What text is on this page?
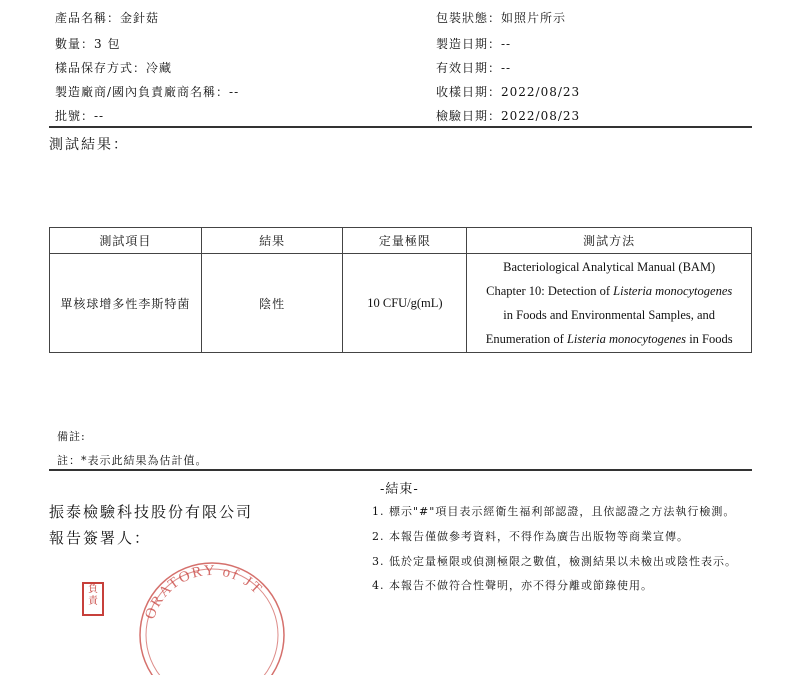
產品名稱：金針菇
數量：3 包
樣品保存方式：冷藏
製造廠商/國內負責廠商名稱：--
批號：--
包裝狀態：如照片所示
製造日期：--
有效日期：--
收樣日期：2022/08/23
檢驗日期：2022/08/23
測試結果：
測試項目	結果	定量極限	測試方法
單核球增多性李斯特菌	陰性	10 CFU/g(mL)	Bacteriological Analytical Manual (BAM)
Chapter 10: Detection of Listeria monocytogenes
in Foods and Environmental Samples, and
Enumeration of Listeria monocytogenes in Foods
備註:
註：*表示此結果為估計值。
-結束-
振泰檢驗科技股份有限公司
報告簽署人：
1. 標示"#"項目表示經衛生福利部認證，且依認證之方法執行檢測。
2. 本報告僅做參考資料，不得作為廣告出版物等商業宣傳。
3. 低於定量極限或偵測極限之數值，檢測結果以未檢出或陰性表示。
4. 本報告不做符合性聲明，亦不得分離或節錄使用。
負責
ORATORY of JT
